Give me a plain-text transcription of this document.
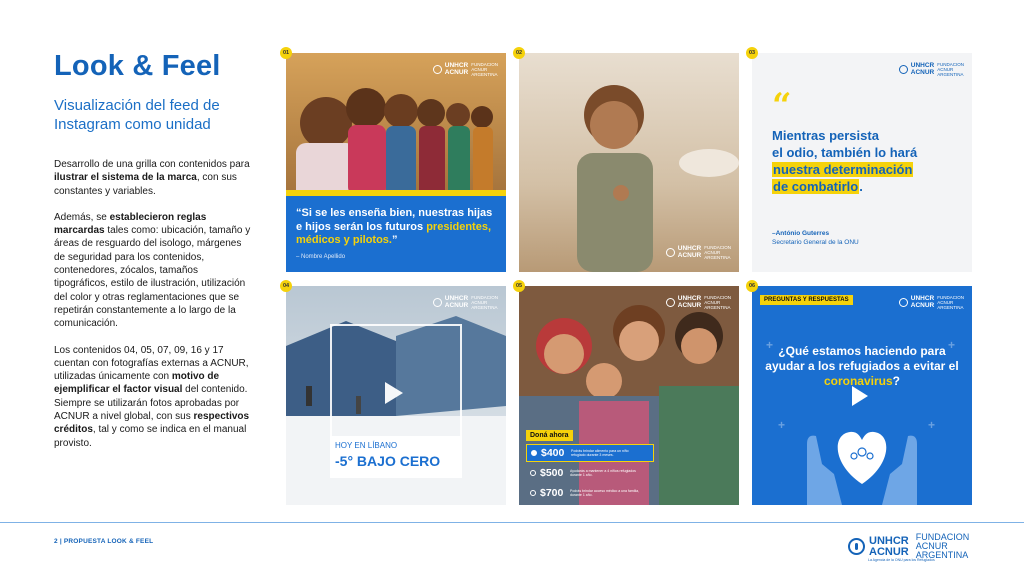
Look & Feel
Visualización del feed de Instagram como unidad

Desarrollo de una grilla con contenidos para ilustrar el sistema de la marca, con sus constantes y variables.

Además, se establecieron reglas marcardas tales como: ubicación, tamaño y áreas de resguardo del isologo, márgenes de seguridad para los contenidos, contenedores, zócalos, tamaños tipográficos, estilo de ilustración, utilización del color y otras reglamentaciones que se repetirán constantemente a lo largo de la comunicación.

Los contenidos 04, 05, 07, 09, 16 y 17 cuentan con fotografías externas a ACNUR, utilizadas únicamente con motivo de ejemplificar el factor visual del contenido. Siempre se utilizarán fotos aprobadas por ACNUR a nivel global, con sus respectivos créditos, tal y como se indica en el manual provisto.

UNHCR
ACNUR
FUNDACION
ACNUR
ARGENTINA
“Si se les enseña bien, nuestras hijas e hijos serán los futuros presidentes, médicos y pilotos.”
– Nombre Apellido
01
UNHCR
ACNUR
FUNDACION
ACNUR
ARGENTINA
02
UNHCR
ACNUR
FUNDACION
ACNUR
ARGENTINA
“
Mientras persista
el odio, también lo hará
nuestra determinación
de combatirlo.
–António Guterres
Secretario General de la ONU
03
UNHCR
ACNUR
FUNDACION
ACNUR
ARGENTINA
HOY EN LÍBANO
-5° BAJO CERO
04
UNHCR
ACNUR
FUNDACION
ACNUR
ARGENTINA
Doná ahora
$400	Podrás brindar alimento para un niño refugiado durante 3 meses.
$500	Ayudarás a mantener a 4 niños refugiados durante 1 año.
$700	Podrás brindar acceso médico a una familia, durante 1 año.
05
PREGUNTAS Y RESPUESTAS	UNHCR
ACNUR
FUNDACION
ACNUR
ARGENTINA
+	+
+
+
¿Qué estamos haciendo para ayudar a los refugiados a evitar el coronavirus?
06
2 | PROPUESTA LOOK & FEEL	UNHCR
ACNUR
FUNDACION
ACNUR
ARGENTINA
La Agencia de la ONU para los Refugiados
